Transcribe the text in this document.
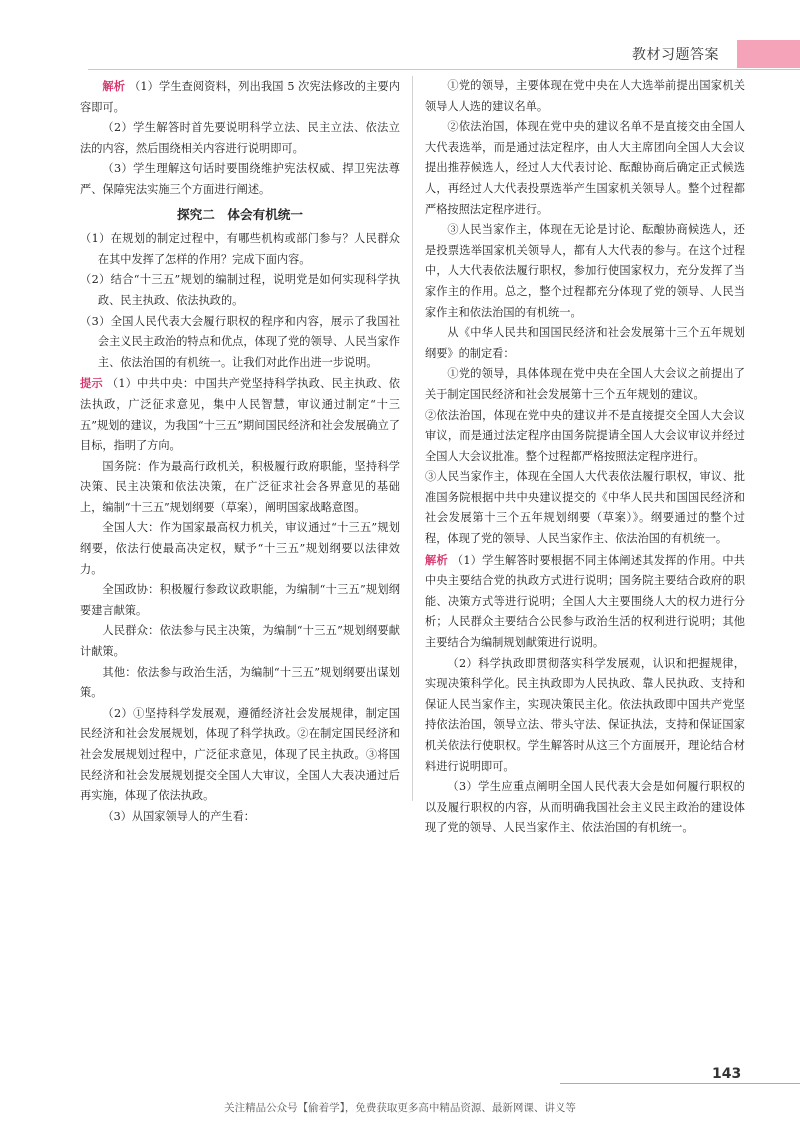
教材习题答案

解析 （1）学生查阅资料，列出我国 5 次宪法修改的主要内容即可。

（2）学生解答时首先要说明科学立法、民主立法、依法立法的内容，然后围绕相关内容进行说明即可。

（3）学生理解这句话时要围绕维护宪法权威、捍卫宪法尊严、保障宪法实施三个方面进行阐述。

探究二　体会有机统一

（1）在规划的制定过程中，有哪些机构或部门参与？人民群众在其中发挥了怎样的作用？完成下面内容。

（2）结合“十三五”规划的编制过程，说明党是如何实现科学执政、民主执政、依法执政的。

（3）全国人民代表大会履行职权的程序和内容，展示了我国社会主义民主政治的特点和优点，体现了党的领导、人民当家作主、依法治国的有机统一。让我们对此作出进一步说明。

提示 （1）中共中央：中国共产党坚持科学执政、民主执政、依法执政，广泛征求意见，集中人民智慧，审议通过制定“十三五”规划的建议，为我国“十三五”期间国民经济和社会发展确立了目标，指明了方向。

国务院：作为最高行政机关，积极履行政府职能，坚持科学决策、民主决策和依法决策，在广泛征求社会各界意见的基础上，编制“十三五”规划纲要（草案），阐明国家战略意图。

全国人大：作为国家最高权力机关，审议通过“十三五”规划纲要，依法行使最高决定权，赋予“十三五”规划纲要以法律效力。

全国政协：积极履行参政议政职能，为编制“十三五”规划纲要建言献策。

人民群众：依法参与民主决策，为编制“十三五”规划纲要献计献策。

其他：依法参与政治生活，为编制“十三五”规划纲要出谋划策。

（2）①坚持科学发展观，遵循经济社会发展规律，制定国民经济和社会发展规划，体现了科学执政。②在制定国民经济和社会发展规划过程中，广泛征求意见，体现了民主执政。③将国民经济和社会发展规划提交全国人大审议，全国人大表决通过后再实施，体现了依法执政。

（3）从国家领导人的产生看：

①党的领导，主要体现在党中央在人大选举前提出国家机关领导人人选的建议名单。

②依法治国，体现在党中央的建议名单不是直接交由全国人大代表选举，而是通过法定程序，由人大主席团向全国人大会议提出推荐候选人，经过人大代表讨论、酝酿协商后确定正式候选人，再经过人大代表投票选举产生国家机关领导人。整个过程都严格按照法定程序进行。

③人民当家作主，体现在无论是讨论、酝酿协商候选人，还是投票选举国家机关领导人，都有人大代表的参与。在这个过程中，人大代表依法履行职权，参加行使国家权力，充分发挥了当家作主的作用。总之，整个过程都充分体现了党的领导、人民当家作主和依法治国的有机统一。

从《中华人民共和国国民经济和社会发展第十三个五年规划纲要》的制定看：

①党的领导，具体体现在党中央在全国人大会议之前提出了关于制定国民经济和社会发展第十三个五年规划的建议。

②依法治国，体现在党中央的建议并不是直接提交全国人大会议审议，而是通过法定程序由国务院提请全国人大会议审议并经过全国人大会议批准。整个过程都严格按照法定程序进行。

③人民当家作主，体现在全国人大代表依法履行职权，审议、批准国务院根据中共中央建议提交的《中华人民共和国国民经济和社会发展第十三个五年规划纲要（草案）》。纲要通过的整个过程，体现了党的领导、人民当家作主、依法治国的有机统一。

解析 （1）学生解答时要根据不同主体阐述其发挥的作用。中共中央主要结合党的执政方式进行说明；国务院主要结合政府的职能、决策方式等进行说明；全国人大主要围绕人大的权力进行分析；人民群众主要结合公民参与政治生活的权利进行说明；其他主要结合为编制规划献策进行说明。

（2）科学执政即贯彻落实科学发展观，认识和把握规律，实现决策科学化。民主执政即为人民执政、靠人民执政、支持和保证人民当家作主，实现决策民主化。依法执政即中国共产党坚持依法治国，领导立法、带头守法、保证执法，支持和保证国家机关依法行使职权。学生解答时从这三个方面展开，理论结合材料进行说明即可。

（3）学生应重点阐明全国人民代表大会是如何履行职权的以及履行职权的内容，从而明确我国社会主义民主政治的建设体现了党的领导、人民当家作主、依法治国的有机统一。

143
关注精品公众号【偷着学】，免费获取更多高中精品资源、最新网课、讲义等
